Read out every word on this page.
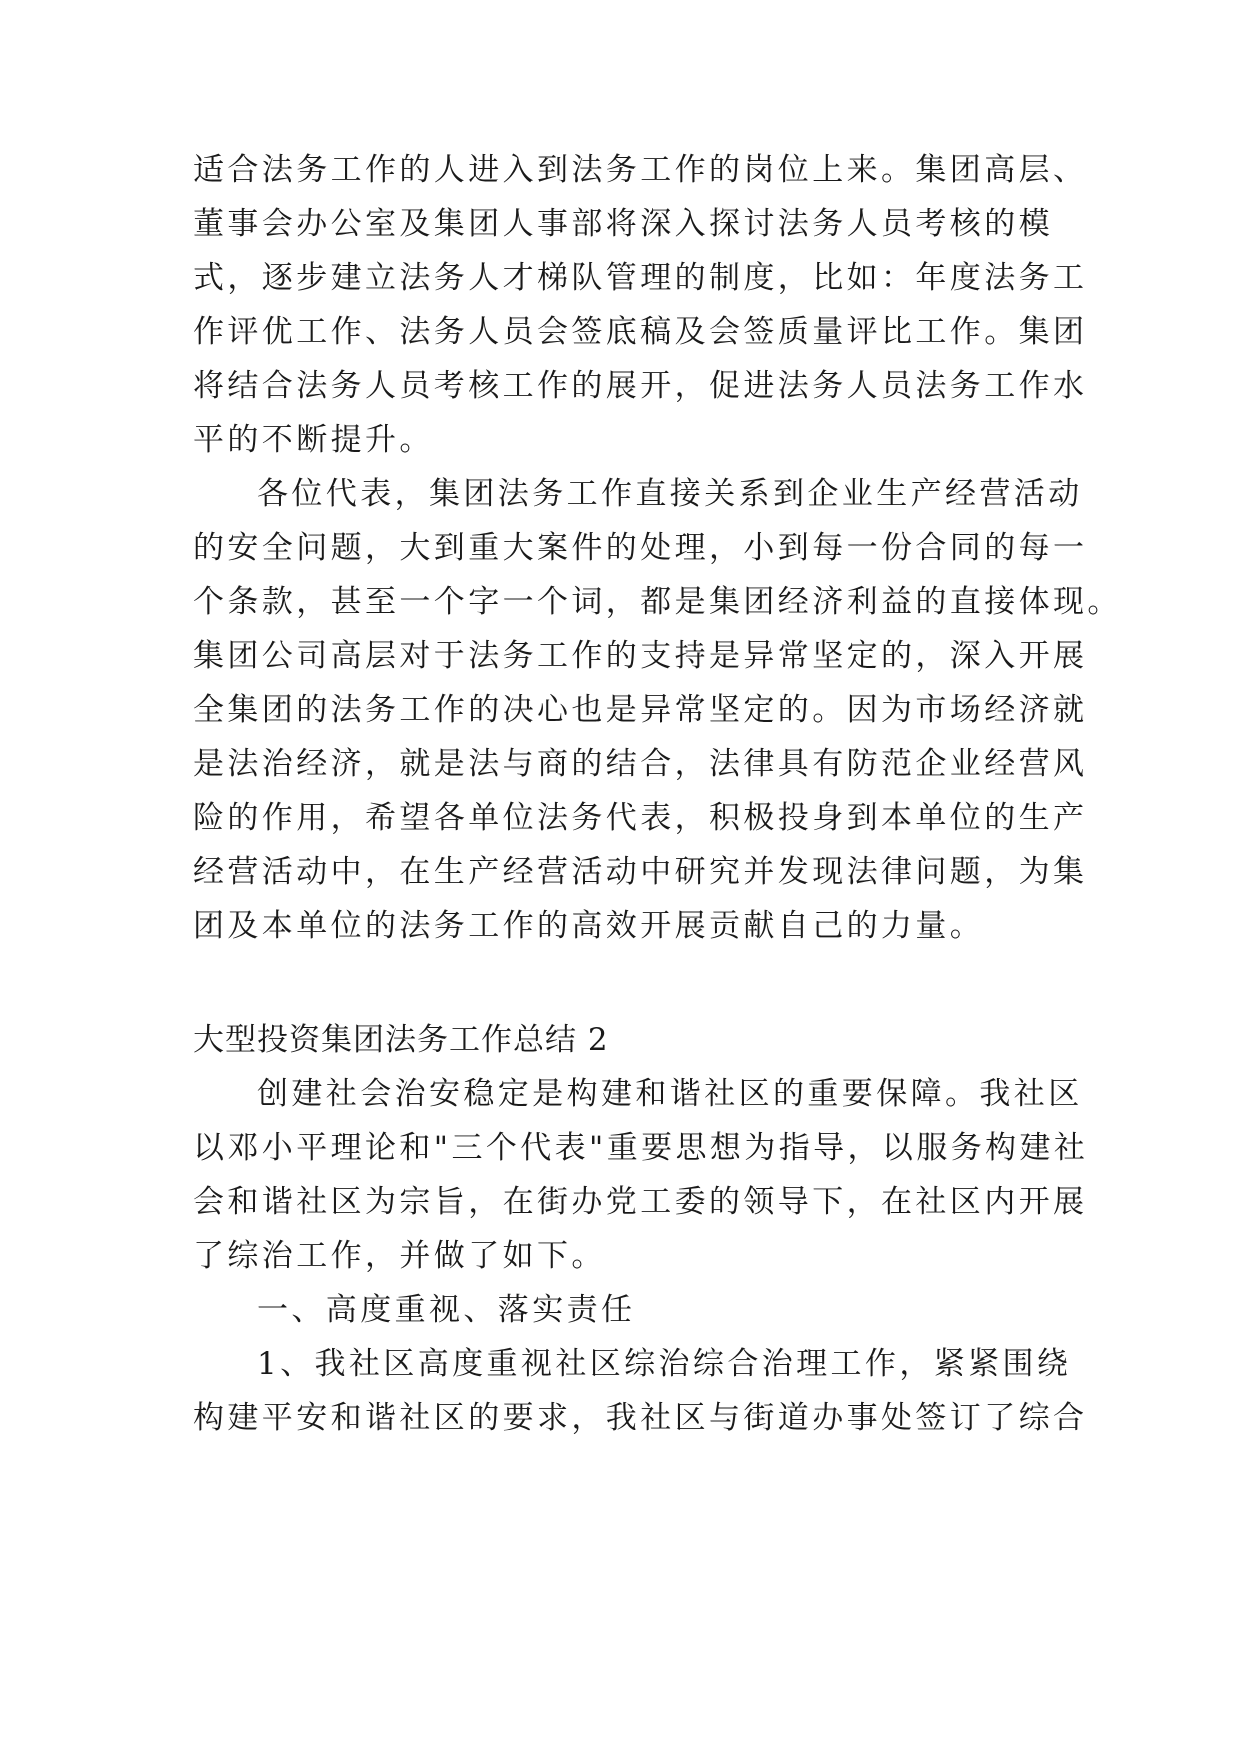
适合法务工作的人进入到法务工作的岗位上来。集团高层、
董事会办公室及集团人事部将深入探讨法务人员考核的模
式，逐步建立法务人才梯队管理的制度，比如：年度法务工
作评优工作、法务人员会签底稿及会签质量评比工作。集团
将结合法务人员考核工作的展开，促进法务人员法务工作水
平的不断提升。
各位代表，集团法务工作直接关系到企业生产经营活动
的安全问题，大到重大案件的处理，小到每一份合同的每一
个条款，甚至一个字一个词，都是集团经济利益的直接体现。
集团公司高层对于法务工作的支持是异常坚定的，深入开展
全集团的法务工作的决心也是异常坚定的。因为市场经济就
是法治经济，就是法与商的结合，法律具有防范企业经营风
险的作用，希望各单位法务代表，积极投身到本单位的生产
经营活动中，在生产经营活动中研究并发现法律问题，为集
团及本单位的法务工作的高效开展贡献自己的力量。
大型投资集团法务工作总结 2
创建社会治安稳定是构建和谐社区的重要保障。我社区
以邓小平理论和"三个代表"重要思想为指导，以服务构建社
会和谐社区为宗旨，在街办党工委的领导下，在社区内开展
了综治工作，并做了如下。
一、高度重视、落实责任
1、我社区高度重视社区综治综合治理工作，紧紧围绕
构建平安和谐社区的要求，我社区与街道办事处签订了综合
